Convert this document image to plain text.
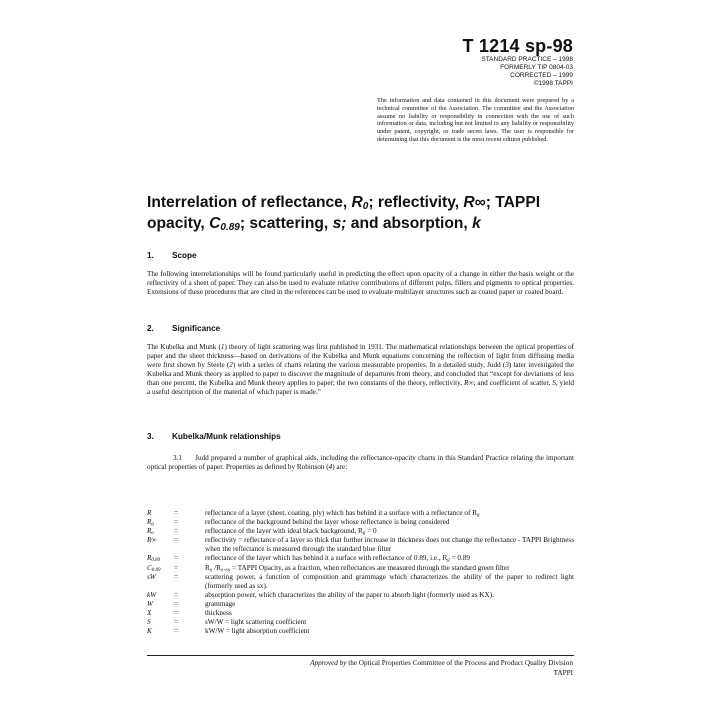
T 1214 sp-98
STANDARD PRACTICE – 1998
FORMERLY TIP 0804-03
CORRECTED – 1999
©1998 TAPPI
The information and data contained in this document were prepared by a technical committee of the Association. The committee and the Association assume no liability or responsibility in connection with the use of such information or data, including but not limited to any liability or responsibility under patent, copyright, or trade secret laws. The user is responsible for determining that this document is the most recent edition published.
Interrelation of reflectance, $R_0$; reflectivity, R∞; TAPPI opacity, $C_{0.89}$; scattering, s; and absorption, k
1. Scope
The following interrelationships will be found particularly useful in predicting the effect upon opacity of a change in either the basis weight or the reflectivity of a sheet of paper. They can also be used to evaluate relative contributions of different pulps, fillers and pigments to optical properties. Extensions of these procedures that are cited in the references can be used to evaluate multilayer structures such as coated paper or coated board.
2. Significance
The Kubelka and Munk (1) theory of light scattering was first published in 1931. The mathematical relationships between the optical properties of paper and the sheet thickness—based on derivations of the Kubelka and Munk equations concerning the reflection of light from diffusing media were first shown by Steele (2) with a series of charts relating the various measurable properties. In a detailed study, Judd (3) later investigated the Kubelka and Munk theory as applied to paper to discover the magnitude of departures from theory, and concluded that “except for deviations of less than one percent, the Kubelka and Munk theory applies to paper; the two constants of the theory, reflectivity, R∞; and coefficient of scatter, S, yield a useful description of the material of which paper is made.”
3. Kubelka/Munk relationships
3.1 Judd prepared a number of graphical aids, including the reflectance-opacity charts in this Standard Practice relating the important optical properties of paper. Properties as defined by Robinson (4) are:
R	=	reflectance of a layer (sheet, coating, ply) which has behind it a surface with a reflectance of $R_g$
$R_g$	=	reflectance of the background behind the layer whose reflectance is being considered
$R_o$	=	reflectance of the layer with ideal black background, $R_g = 0$
R∞	=	reflectivity = reflectance of a layer so thick that further increase in thickness does not change the reflectance - TAPPI Brightness when the reflectance is measured through the standard blue filter
$R_{0.89}$	=	reflectance of the layer which has behind it a surface with reflectance of 0.89, i.e., $R_g = 0.89$
$C_{0.89}$	=	R₀ /R₀.₈₉ = TAPPI Opacity, as a fraction, when reflectances are measured through the standard green filter
sW	=	scattering power, a function of composition and grammage which characterizes the ability of the paper to redirect light (formerly used as sx).
kW	=	absorption power, which characterizes the ability of the paper to absorb light (formerly used as KX).
W	=	grammage
X	=	thickness
S	=	sW/W = light scattering coefficient
K	=	kW/W = light absorption coefficient
Approved by the Optical Properties Committee of the Process and Product Quality Division
TAPPI
